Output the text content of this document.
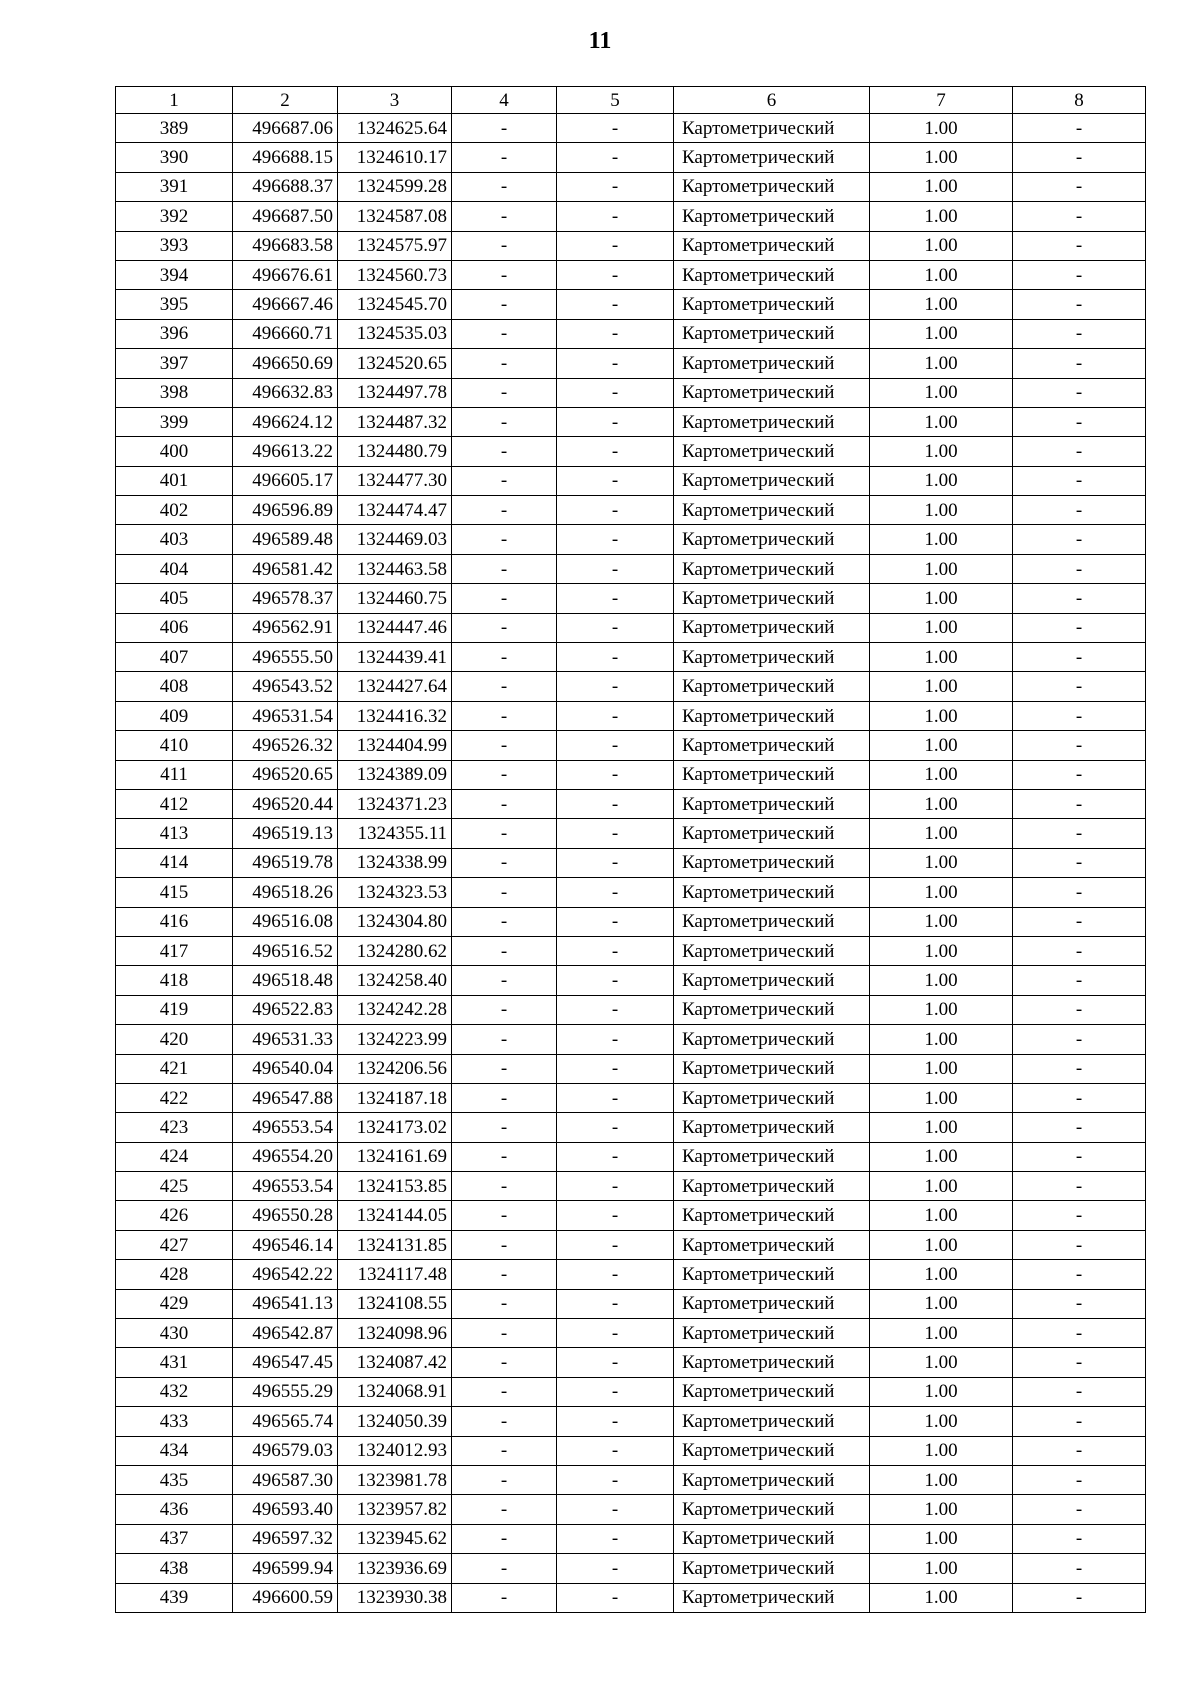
11
1	2	3	4	5	6	7	8
389	496687.06	1324625.64	-	-	Картометрический	1.00	-
390	496688.15	1324610.17	-	-	Картометрический	1.00	-
391	496688.37	1324599.28	-	-	Картометрический	1.00	-
392	496687.50	1324587.08	-	-	Картометрический	1.00	-
393	496683.58	1324575.97	-	-	Картометрический	1.00	-
394	496676.61	1324560.73	-	-	Картометрический	1.00	-
395	496667.46	1324545.70	-	-	Картометрический	1.00	-
396	496660.71	1324535.03	-	-	Картометрический	1.00	-
397	496650.69	1324520.65	-	-	Картометрический	1.00	-
398	496632.83	1324497.78	-	-	Картометрический	1.00	-
399	496624.12	1324487.32	-	-	Картометрический	1.00	-
400	496613.22	1324480.79	-	-	Картометрический	1.00	-
401	496605.17	1324477.30	-	-	Картометрический	1.00	-
402	496596.89	1324474.47	-	-	Картометрический	1.00	-
403	496589.48	1324469.03	-	-	Картометрический	1.00	-
404	496581.42	1324463.58	-	-	Картометрический	1.00	-
405	496578.37	1324460.75	-	-	Картометрический	1.00	-
406	496562.91	1324447.46	-	-	Картометрический	1.00	-
407	496555.50	1324439.41	-	-	Картометрический	1.00	-
408	496543.52	1324427.64	-	-	Картометрический	1.00	-
409	496531.54	1324416.32	-	-	Картометрический	1.00	-
410	496526.32	1324404.99	-	-	Картометрический	1.00	-
411	496520.65	1324389.09	-	-	Картометрический	1.00	-
412	496520.44	1324371.23	-	-	Картометрический	1.00	-
413	496519.13	1324355.11	-	-	Картометрический	1.00	-
414	496519.78	1324338.99	-	-	Картометрический	1.00	-
415	496518.26	1324323.53	-	-	Картометрический	1.00	-
416	496516.08	1324304.80	-	-	Картометрический	1.00	-
417	496516.52	1324280.62	-	-	Картометрический	1.00	-
418	496518.48	1324258.40	-	-	Картометрический	1.00	-
419	496522.83	1324242.28	-	-	Картометрический	1.00	-
420	496531.33	1324223.99	-	-	Картометрический	1.00	-
421	496540.04	1324206.56	-	-	Картометрический	1.00	-
422	496547.88	1324187.18	-	-	Картометрический	1.00	-
423	496553.54	1324173.02	-	-	Картометрический	1.00	-
424	496554.20	1324161.69	-	-	Картометрический	1.00	-
425	496553.54	1324153.85	-	-	Картометрический	1.00	-
426	496550.28	1324144.05	-	-	Картометрический	1.00	-
427	496546.14	1324131.85	-	-	Картометрический	1.00	-
428	496542.22	1324117.48	-	-	Картометрический	1.00	-
429	496541.13	1324108.55	-	-	Картометрический	1.00	-
430	496542.87	1324098.96	-	-	Картометрический	1.00	-
431	496547.45	1324087.42	-	-	Картометрический	1.00	-
432	496555.29	1324068.91	-	-	Картометрический	1.00	-
433	496565.74	1324050.39	-	-	Картометрический	1.00	-
434	496579.03	1324012.93	-	-	Картометрический	1.00	-
435	496587.30	1323981.78	-	-	Картометрический	1.00	-
436	496593.40	1323957.82	-	-	Картометрический	1.00	-
437	496597.32	1323945.62	-	-	Картометрический	1.00	-
438	496599.94	1323936.69	-	-	Картометрический	1.00	-
439	496600.59	1323930.38	-	-	Картометрический	1.00	-
